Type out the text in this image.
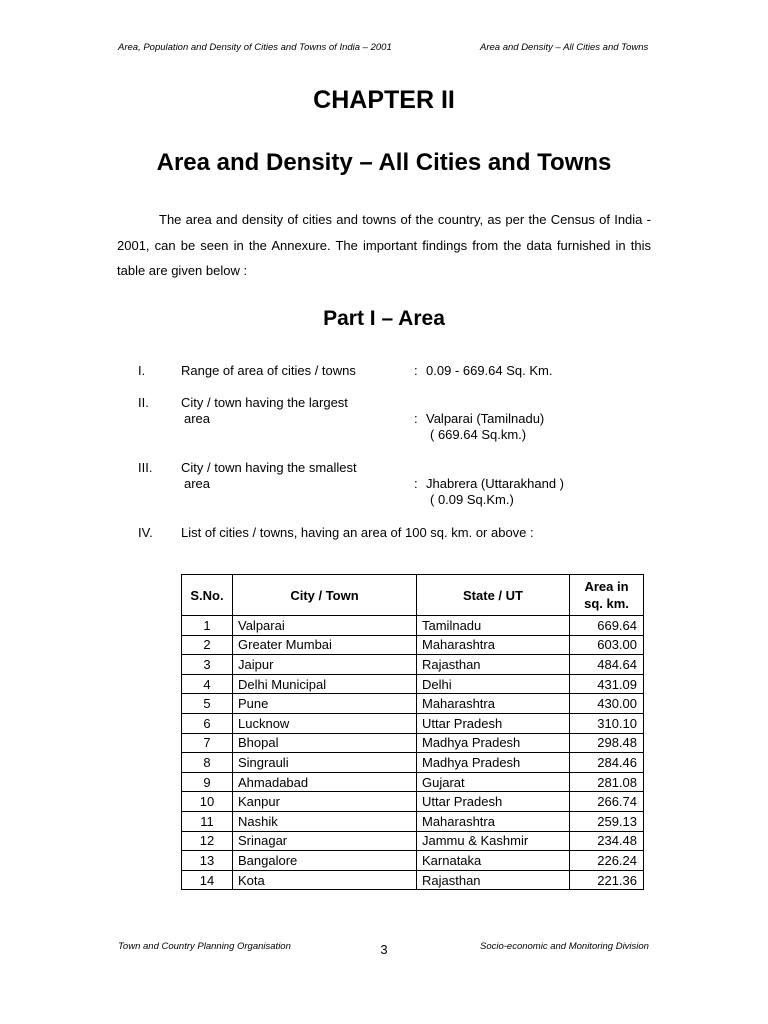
Area, Population and Density of Cities and Towns of India – 2001	Area and Density – All Cities and Towns
CHAPTER II
Area and Density – All Cities and Towns

The area and density of cities and towns of the country, as per the Census of India - 2001, can be seen in the Annexure. The important findings from the data furnished in this table are given below :

Part I – Area
I.	Range of area of cities / towns	: 0.09 - 669.64 Sq. Km.
II. City / town having the largest
area	: Valparai (Tamilnadu)
( 669.64 Sq.km.)
III. City / town having the smallest
area	: Jhabrera (Uttarakhand )
( 0.09 Sq.Km.)
IV. List of cities / towns, having an area of 100 sq. km. or above :
S.No.	City / Town	State / UT	Area in sq. km.
1	Valparai	Tamilnadu	669.64
2	Greater Mumbai	Maharashtra	603.00
3	Jaipur	Rajasthan	484.64
4	Delhi Municipal	Delhi	431.09
5	Pune	Maharashtra	430.00
6	Lucknow	Uttar Pradesh	310.10
7	Bhopal	Madhya Pradesh	298.48
8	Singrauli	Madhya Pradesh	284.46
9	Ahmadabad	Gujarat	281.08
10	Kanpur	Uttar Pradesh	266.74
11	Nashik	Maharashtra	259.13
12	Srinagar	Jammu & Kashmir	234.48
13	Bangalore	Karnataka	226.24
14	Kota	Rajasthan	221.36
Town and Country Planning Organisation	3	Socio-economic and Monitoring Division
